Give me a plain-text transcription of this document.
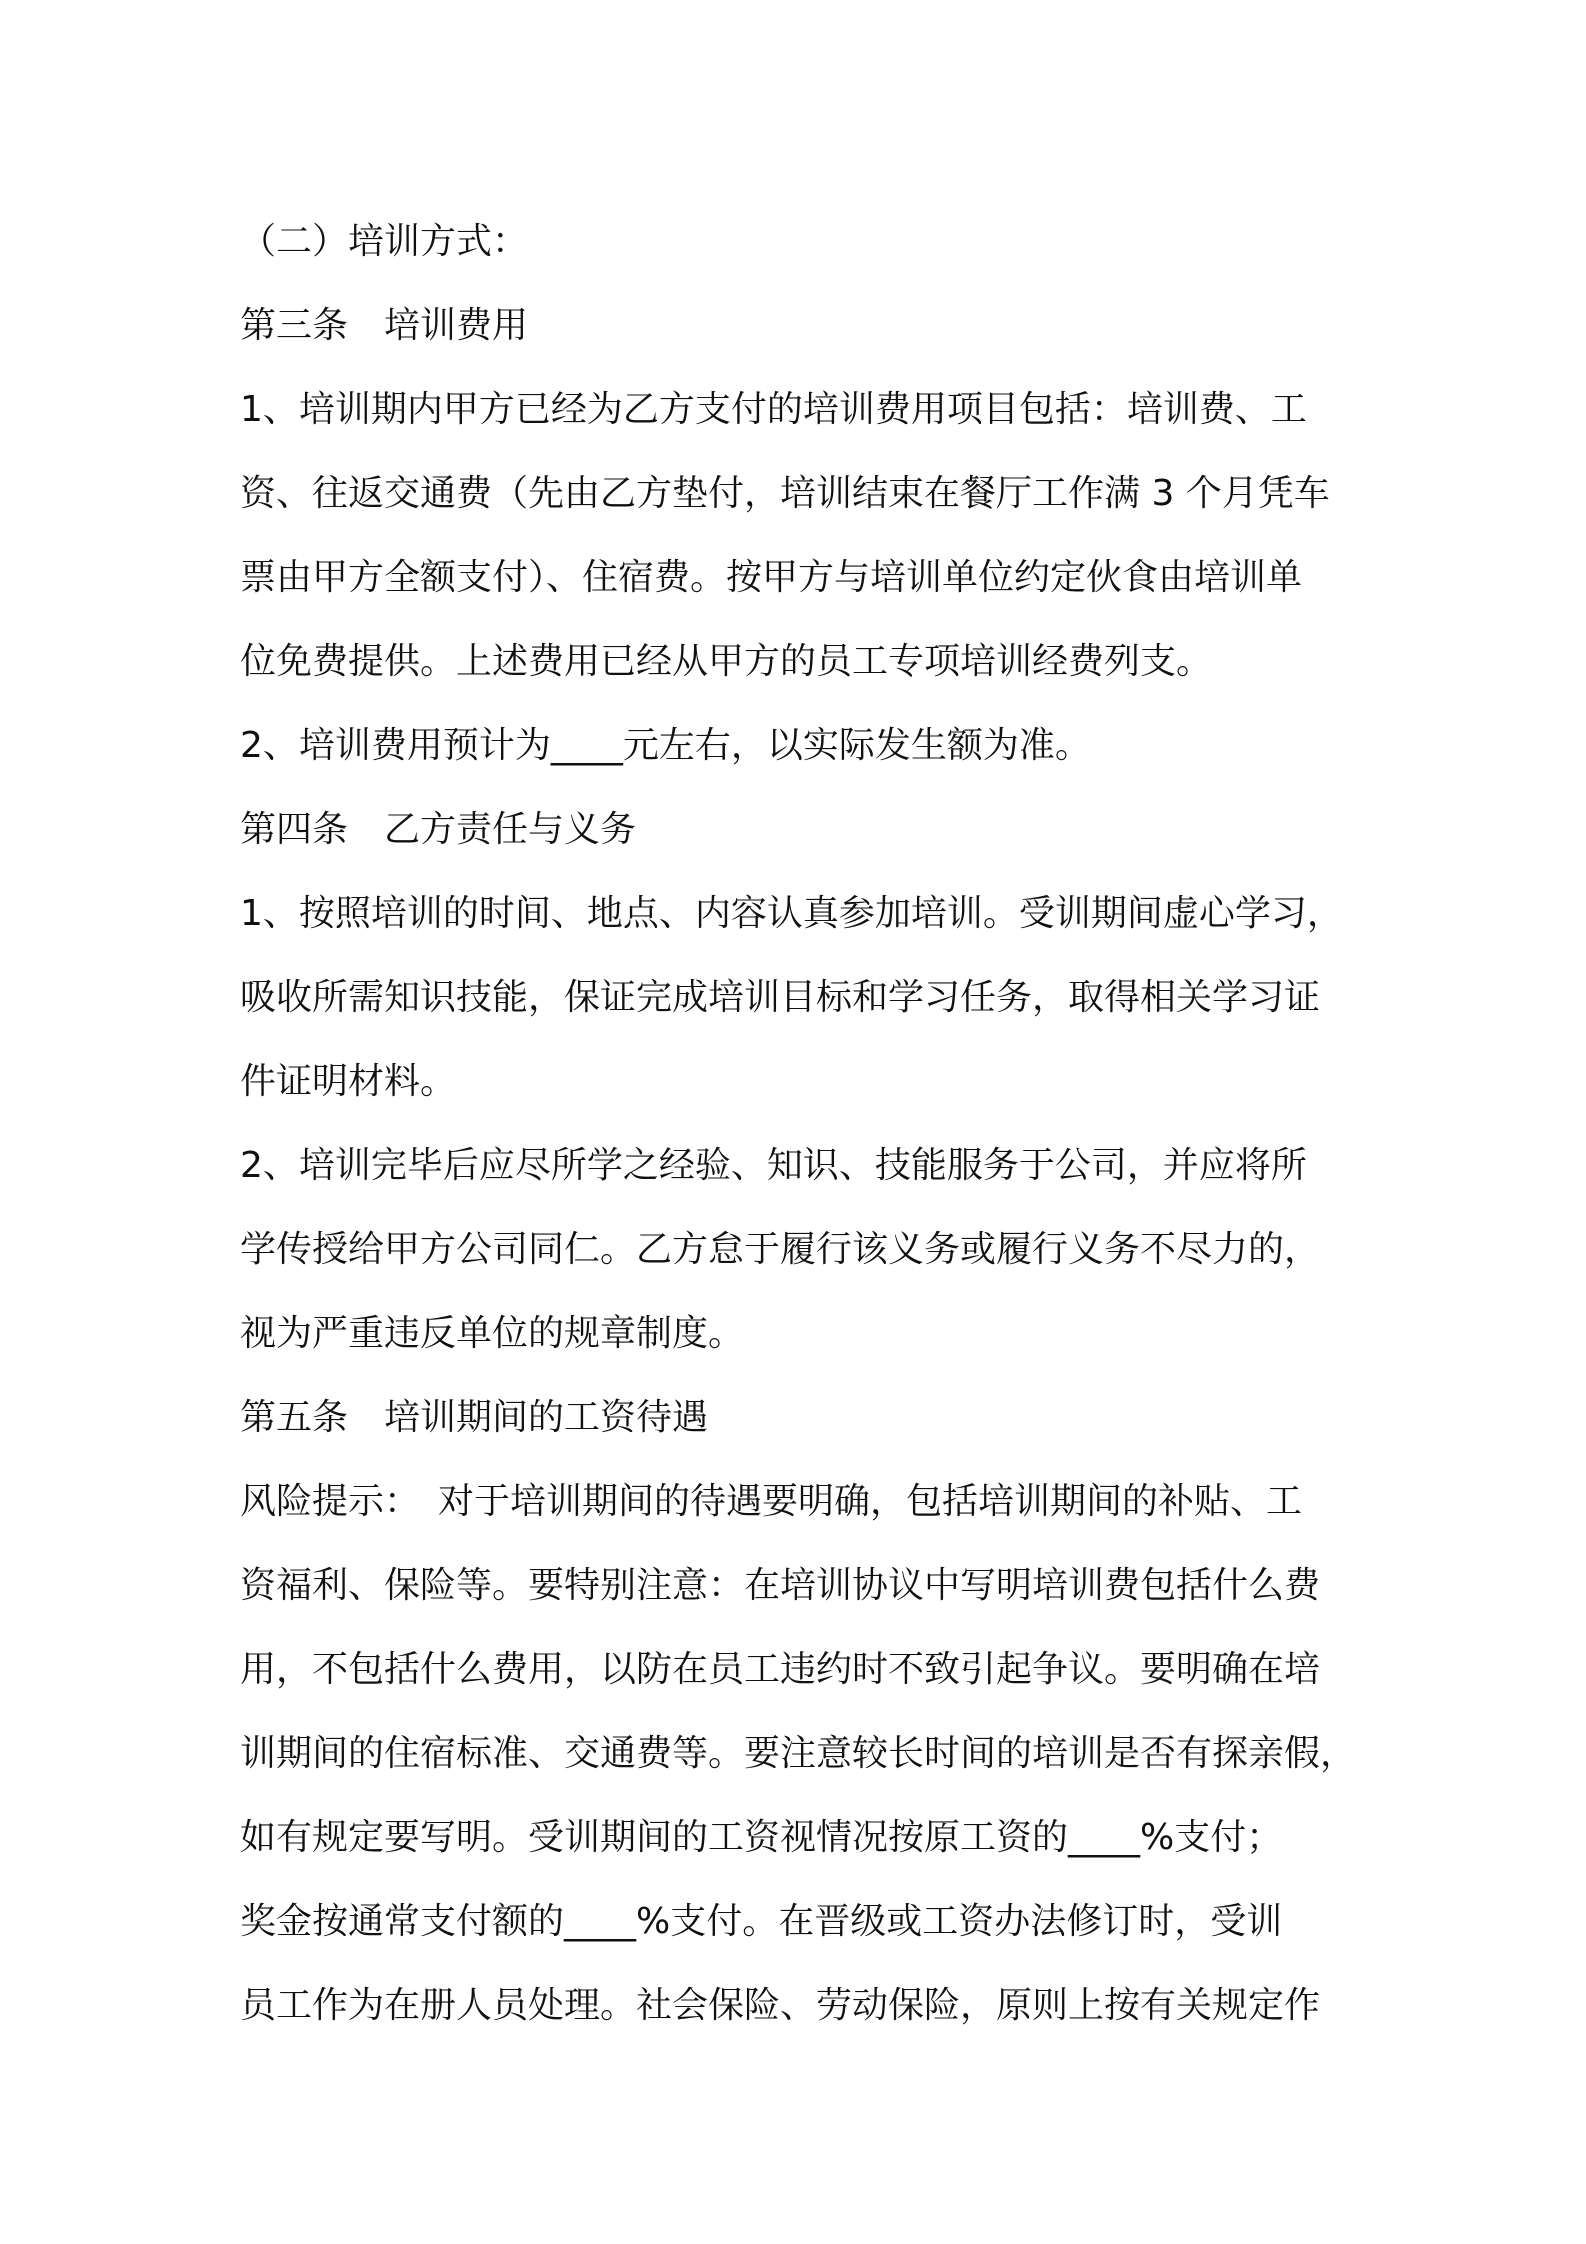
（二）培训方式：
第三条　培训费用
1、培训期内甲方已经为乙方支付的培训费用项目包括：培训费、工
资、往返交通费（先由乙方垫付，培训结束在餐厅工作满 3 个月凭车
票由甲方全额支付）、住宿费。按甲方与培训单位约定伙食由培训单
位免费提供。上述费用已经从甲方的员工专项培训经费列支。
2、培训费用预计为____元左右，以实际发生额为准。
第四条　乙方责任与义务
1、按照培训的时间、地点、内容认真参加培训。受训期间虚心学习，
吸收所需知识技能，保证完成培训目标和学习任务，取得相关学习证
件证明材料。
2、培训完毕后应尽所学之经验、知识、技能服务于公司，并应将所
学传授给甲方公司同仁。乙方怠于履行该义务或履行义务不尽力的，
视为严重违反单位的规章制度。
第五条　培训期间的工资待遇
风险提示：　对于培训期间的待遇要明确，包括培训期间的补贴、工
资福利、保险等。要特别注意：在培训协议中写明培训费包括什么费
用，不包括什么费用，以防在员工违约时不致引起争议。要明确在培
训期间的住宿标准、交通费等。要注意较长时间的培训是否有探亲假，
如有规定要写明。受训期间的工资视情况按原工资的____%支付；
奖金按通常支付额的____%支付。在晋级或工资办法修订时，受训
员工作为在册人员处理。社会保险、劳动保险，原则上按有关规定作
